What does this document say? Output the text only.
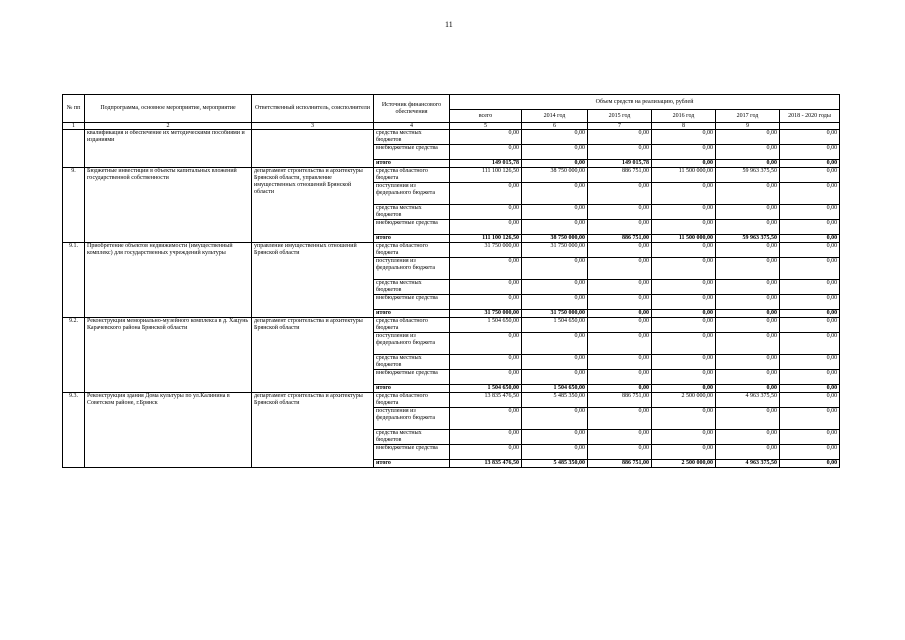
11
№ пп	Подпрограмма, основное мероприятие, мероприятие	Ответственный исполнитель, соисполнители	Источник финансового обеспечения	Объем средств на реализацию, рублей					
				всего	2014 год	2015 год	2016 год	2017 год	2018 - 2020 годы
1	2	3	4	5	6	7	8	9	
	квалификация и обеспечение их методическими пособиями и изданиями		средства местных бюджетов	0,00	0,00	0,00	0,00	0,00	0,00
			внебюджетные средства	0,00	0,00	0,00	0,00	0,00	0,00
			итого	149 015,78	0,00	149 015,78	0,00	0,00	0,00
9.	Бюджетные инвестиции в объекты капитальных вложений государственной собственности	департамент строительства и архитектуры Брянской области, управление имущественных отношений Брянской области	средства областного бюджета	111 100 126,50	38 750 000,00	886 751,00	11 500 000,00	59 963 375,50	0,00
			поступления из федерального бюджета	0,00	0,00	0,00	0,00	0,00	0,00
			средства местных бюджетов	0,00	0,00	0,00	0,00	0,00	0,00
			внебюджетные средства	0,00	0,00	0,00	0,00	0,00	0,00
			итого	111 100 126,50	38 750 000,00	886 751,00	11 500 000,00	59 963 375,50	0,00
9.1.	Приобретение объектов недвижимости (имущественный комплекс) для государственных учреждений культуры	управление имущественных отношений Брянской области	средства областного бюджета	31 750 000,00	31 750 000,00	0,00	0,00	0,00	0,00
			поступления из федерального бюджета	0,00	0,00	0,00	0,00	0,00	0,00
			средства местных бюджетов	0,00	0,00	0,00	0,00	0,00	0,00
			внебюджетные средства	0,00	0,00	0,00	0,00	0,00	0,00
			итого	31 750 000,00	31 750 000,00	0,00	0,00	0,00	0,00
9.2.	Реконструкция мемориально-музейного комплекса в д. Хацунь Карачевского района Брянской области	департамент строительства и архитектуры Брянской области	средства областного бюджета	1 504 650,00	1 504 650,00	0,00	0,00	0,00	0,00
			поступления из федерального бюджета	0,00	0,00	0,00	0,00	0,00	0,00
			средства местных бюджетов	0,00	0,00	0,00	0,00	0,00	0,00
			внебюджетные средства	0,00	0,00	0,00	0,00	0,00	0,00
			итого	1 504 650,00	1 504 650,00	0,00	0,00	0,00	0,00
9.3.	Реконструкция здания Дома культуры по ул.Калинина в Советском районе, г.Брянск	департамент строительства и архитектуры Брянской области	средства областного бюджета	13 835 476,50	5 485 350,00	886 751,00	2 500 000,00	4 963 375,50	0,00
			поступления из федерального бюджета	0,00	0,00	0,00	0,00	0,00	0,00
			средства местных бюджетов	0,00	0,00	0,00	0,00	0,00	0,00
			внебюджетные средства	0,00	0,00	0,00	0,00	0,00	0,00
			итого	13 835 476,50	5 485 350,00	886 751,00	2 500 000,00	4 963 375,50	0,00
